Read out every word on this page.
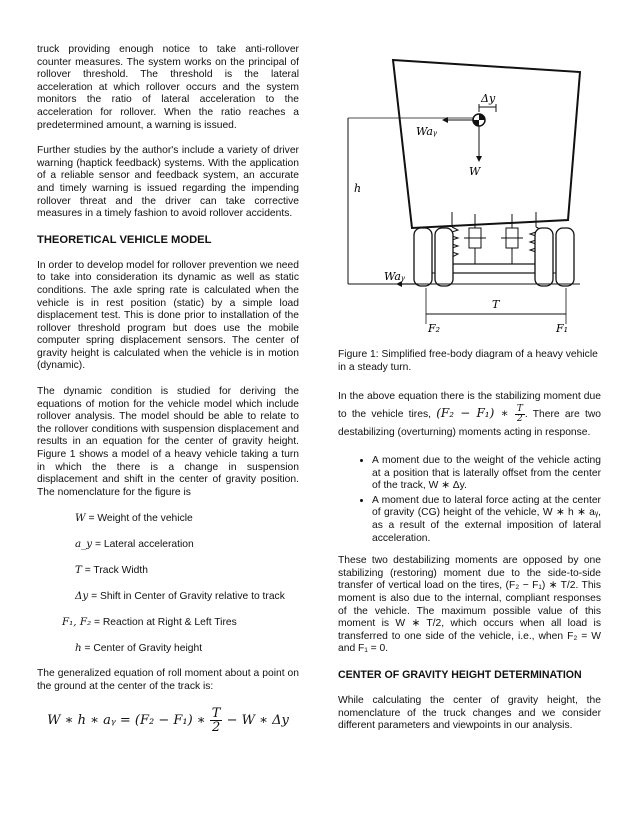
truck providing enough notice to take anti-rollover counter measures. The system works on the principal of rollover threshold. The threshold is the lateral acceleration at which rollover occurs and the system monitors the ratio of lateral acceleration to the acceleration for rollover. When the ratio reaches a predetermined amount, a warning is issued.

Further studies by the author's include a variety of driver warning (haptick feedback) systems. With the application of a reliable sensor and feedback system, an accurate and timely warning is issued regarding the impending rollover threat and the driver can take corrective measures in a timely fashion to avoid rollover accidents.

THEORETICAL VEHICLE MODEL

In order to develop model for rollover prevention we need to take into consideration its dynamic as well as static conditions. The axle spring rate is calculated when the vehicle is in rest position (static) by a simple load displacement test. This is done prior to installation of the rollover threshold program but does use the mobile computer spring displacement sensors. The center of gravity height is calculated when the vehicle is in motion (dynamic).

The dynamic condition is studied for deriving the equations of motion for the vehicle model which include rollover analysis. The model should be able to relate to the rollover conditions with suspension displacement and results in an equation for the center of gravity height. Figure 1 shows a model of a heavy vehicle taking a turn in which the there is a change in suspension displacement and shift in the center of gravity position. The nomenclature for the figure is

W = Weight of the vehicle
a_y = Lateral acceleration
T = Track Width
Δy = Shift in Center of Gravity relative to track
F₁, F₂ = Reaction at Right & Left Tires
h = Center of Gravity height

The generalized equation of roll moment about a point on the ground at the center of the track is:

W ∗ h ∗ aᵧ = (F₂ − F₁) ∗ $\frac{T}{2} - W$ ∗ Δy
Δy
Waᵧ
W
h
Waᵧ
T
F₂	F₁
Figure 1: Simplified free-body diagram of a heavy vehicle in a steady turn.

In the above equation there is the stabilizing moment due to the vehicle tires, (F₂ − F₁) ∗ $\frac{T}{2}$ . There are two destabilizing (overturning) moments acting in response.

• A moment due to the weight of the vehicle acting at a position that is laterally offset from the center of the track, W ∗ Δy.
• A moment due to lateral force acting at the center of gravity (CG) height of the vehicle, W ∗ h ∗ aᵧ, as a result of the external imposition of lateral acceleration.

These two destabilizing moments are opposed by one stabilizing (restoring) moment due to the side-to-side transfer of vertical load on the tires, (F₂ − F₁) ∗ T/2. This moment is also due to the internal, compliant responses of the vehicle. The maximum possible value of this moment is W ∗ T/2, which occurs when all load is transferred to one side of the vehicle, i.e., when F₂ = W and F₁ = 0.

CENTER OF GRAVITY HEIGHT DETERMINATION

While calculating the center of gravity height, the nomenclature of the truck changes and we consider different parameters and viewpoints in our analysis.
